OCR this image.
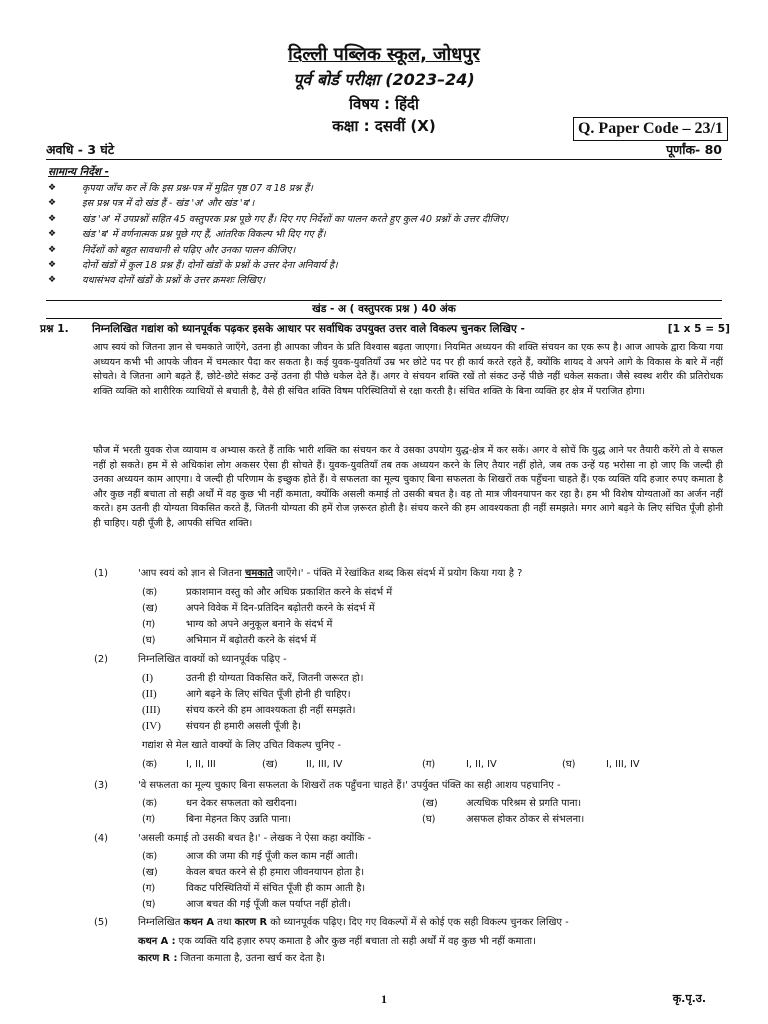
दिल्ली पब्लिक स्कूल, जोधपुर
पूर्व बोर्ड परीक्षा (2023–24)
विषय : हिंदी
कक्षा : दसवीं (X)	Q. Paper Code – 23/1
अवधि - 3 घंटे	पूर्णांक- 80
सामान्य निर्देश -
❖	कृपया जाँच कर लें कि इस प्रश्न-पत्र में मुद्रित पृष्ठ 07 व 18 प्रश्न हैं।
❖	इस प्रश्न पत्र में दो खंड हैं - खंड 'अ' और खंड 'ब'।
❖	खंड 'अ' में उपप्रश्नों सहित 45 वस्तुपरक प्रश्न पूछे गए हैं। दिए गए निर्देशों का पालन करते हुए कुल 40 प्रश्नों के उत्तर दीजिए।
❖	खंड 'ब' में वर्णनात्मक प्रश्न पूछे गए हैं, आंतरिक विकल्प भी दिए गए हैं।
❖	निर्देशों को बहुत सावधानी से पढ़िए और उनका पालन कीजिए।
❖	दोनों खंडों में कुल 18 प्रश्न हैं। दोनों खंडों के प्रश्नों के उत्तर देना अनिवार्य है।
❖	यथासंभव दोनों खंडों के प्रश्नों के उत्तर क्रमशः लिखिए।
खंड - अ ( वस्तुपरक प्रश्न ) 40 अंक
प्रश्न 1. निम्नलिखित गद्यांश को ध्यानपूर्वक पढ़कर इसके आधार पर सर्वाधिक उपयुक्त उत्तर वाले विकल्प चुनकर लिखिए -	[1 x 5 = 5]
आप स्वयं को जितना ज्ञान से चमकाते जाएँगे, उतना ही आपका जीवन के प्रति विश्वास बढ़ता जाएगा। नियमित अध्ययन की शक्ति संचयन का एक रूप है। आज आपके द्वारा किया गया अध्ययन कभी भी आपके जीवन में चमत्कार पैदा कर सकता है। कई युवक-युवतियाँ उम्र भर छोटे पद पर ही कार्य करते रहते हैं, क्योंकि शायद वे अपने आगे के विकास के बारे में नहीं सोचते। वे जितना आगे बढ़ते हैं, छोटे-छोटे संकट उन्हें उतना ही पीछे धकेल देते हैं। अगर वे संचयन शक्ति रखें तो संकट उन्हें पीछे नहीं धकेल सकता। जैसे स्वस्थ शरीर की प्रतिरोधक शक्ति व्यक्ति को शारीरिक व्याधियों से बचाती है, वैसे ही संचित शक्ति विषम परिस्थितियों से रक्षा करती है। संचित शक्ति के बिना व्यक्ति हर क्षेत्र में पराजित होगा।
फौज में भरती युवक रोज व्यायाम व अभ्यास करते हैं ताकि भारी शक्ति का संचयन कर वे उसका उपयोग युद्ध-क्षेत्र में कर सकें। अगर वे सोचें कि युद्ध आने पर तैयारी करेंगे तो वे सफल नहीं हो सकते। हम में से अधिकांश लोग अकसर ऐसा ही सोचते हैं। युवक-युवतियाँ तब तक अध्ययन करने के लिए तैयार नहीं होते, जब तक उन्हें यह भरोसा ना हो जाए कि जल्दी ही उनका अध्ययन काम आएगा। वे जल्दी ही परिणाम के इच्छुक होते हैं। वे सफलता का मूल्य चुकाए बिना सफलता के शिखरों तक पहुँचना चाहते हैं। एक व्यक्ति यदि हजार रुपए कमाता है और कुछ नहीं बचाता तो सही अर्थों में वह कुछ भी नहीं कमाता, क्योंकि असली कमाई तो उसकी बचत है। वह तो मात्र जीवनयापन कर रहा है। हम भी विशेष योग्यताओं का अर्जन नहीं करते। हम उतनी ही योग्यता विकसित करते हैं, जितनी योग्यता की हमें रोज ज़रूरत होती है। संचय करने की हम आवश्यकता ही नहीं समझते। मगर आगे बढ़ने के लिए संचित पूँजी होनी ही चाहिए। यही पूँजी है, आपकी संचित शक्ति।
(1)	'आप स्वयं को ज्ञान से जितना चमकाते जाएँगे।' - पंक्ति में रेखांकित शब्द किस संदर्भ में प्रयोग किया गया है ?
(क)	प्रकाशमान वस्तु को और अधिक प्रकाशित करने के संदर्भ में
(ख)	अपने विवेक में दिन-प्रतिदिन बढ़ोतरी करने के संदर्भ में
(ग)	भाग्य को अपने अनुकूल बनाने के संदर्भ में
(घ)	अभिमान में बढ़ोतरी करने के संदर्भ में
(2)	निम्नलिखित वाक्यों को ध्यानपूर्वक पढ़िए -
(I)	उतनी ही योग्यता विकसित करें, जितनी जरूरत हो।
(II)	आगे बढ़ने के लिए संचित पूँजी होनी ही चाहिए।
(III)	संचय करने की हम आवश्यकता ही नहीं समझते।
(IV)	संचयन ही हमारी असली पूँजी है।
गद्यांश से मेल खाते वाक्यों के लिए उचित विकल्प चुनिए -
(क)	I, II, III	(ख)	II, III, IV	(ग)	I, II, IV	(घ)	I, III, IV
(3)	'वे सफलता का मूल्य चुकाए बिना सफलता के शिखरों तक पहुँचना चाहते हैं।' उपर्युक्त पंक्ति का सही आशय पहचानिए -
(क)	धन देकर सफलता को खरीदना।	(ख)	अत्यधिक परिश्रम से प्रगति पाना।
(ग)	बिना मेहनत किए उन्नति पाना।	(घ)	असफल होकर ठोकर से संभलना।
(4)	'असली कमाई तो उसकी बचत है।' - लेखक ने ऐसा कहा क्योंकि -
(क)	आज की जमा की गई पूँजी कल काम नहीं आती।
(ख)	केवल बचत करने से ही हमारा जीवनयापन होता है।
(ग)	विकट परिस्थितियों में संचित पूँजी ही काम आती है।
(घ)	आज बचत की गई पूँजी कल पर्याप्त नहीं होती।
(5)	निम्नलिखित कथन A तथा कारण R को ध्यानपूर्वक पढ़िए। दिए गए विकल्पों में से कोई एक सही विकल्प चुनकर लिखिए -
कथन A : एक व्यक्ति यदि हज़ार रुपए कमाता है और कुछ नहीं बचाता तो सही अर्थों में वह कुछ भी नहीं कमाता।
कारण R : जितना कमाता है, उतना खर्च कर देता है।
1	कृ.पृ.उ.
